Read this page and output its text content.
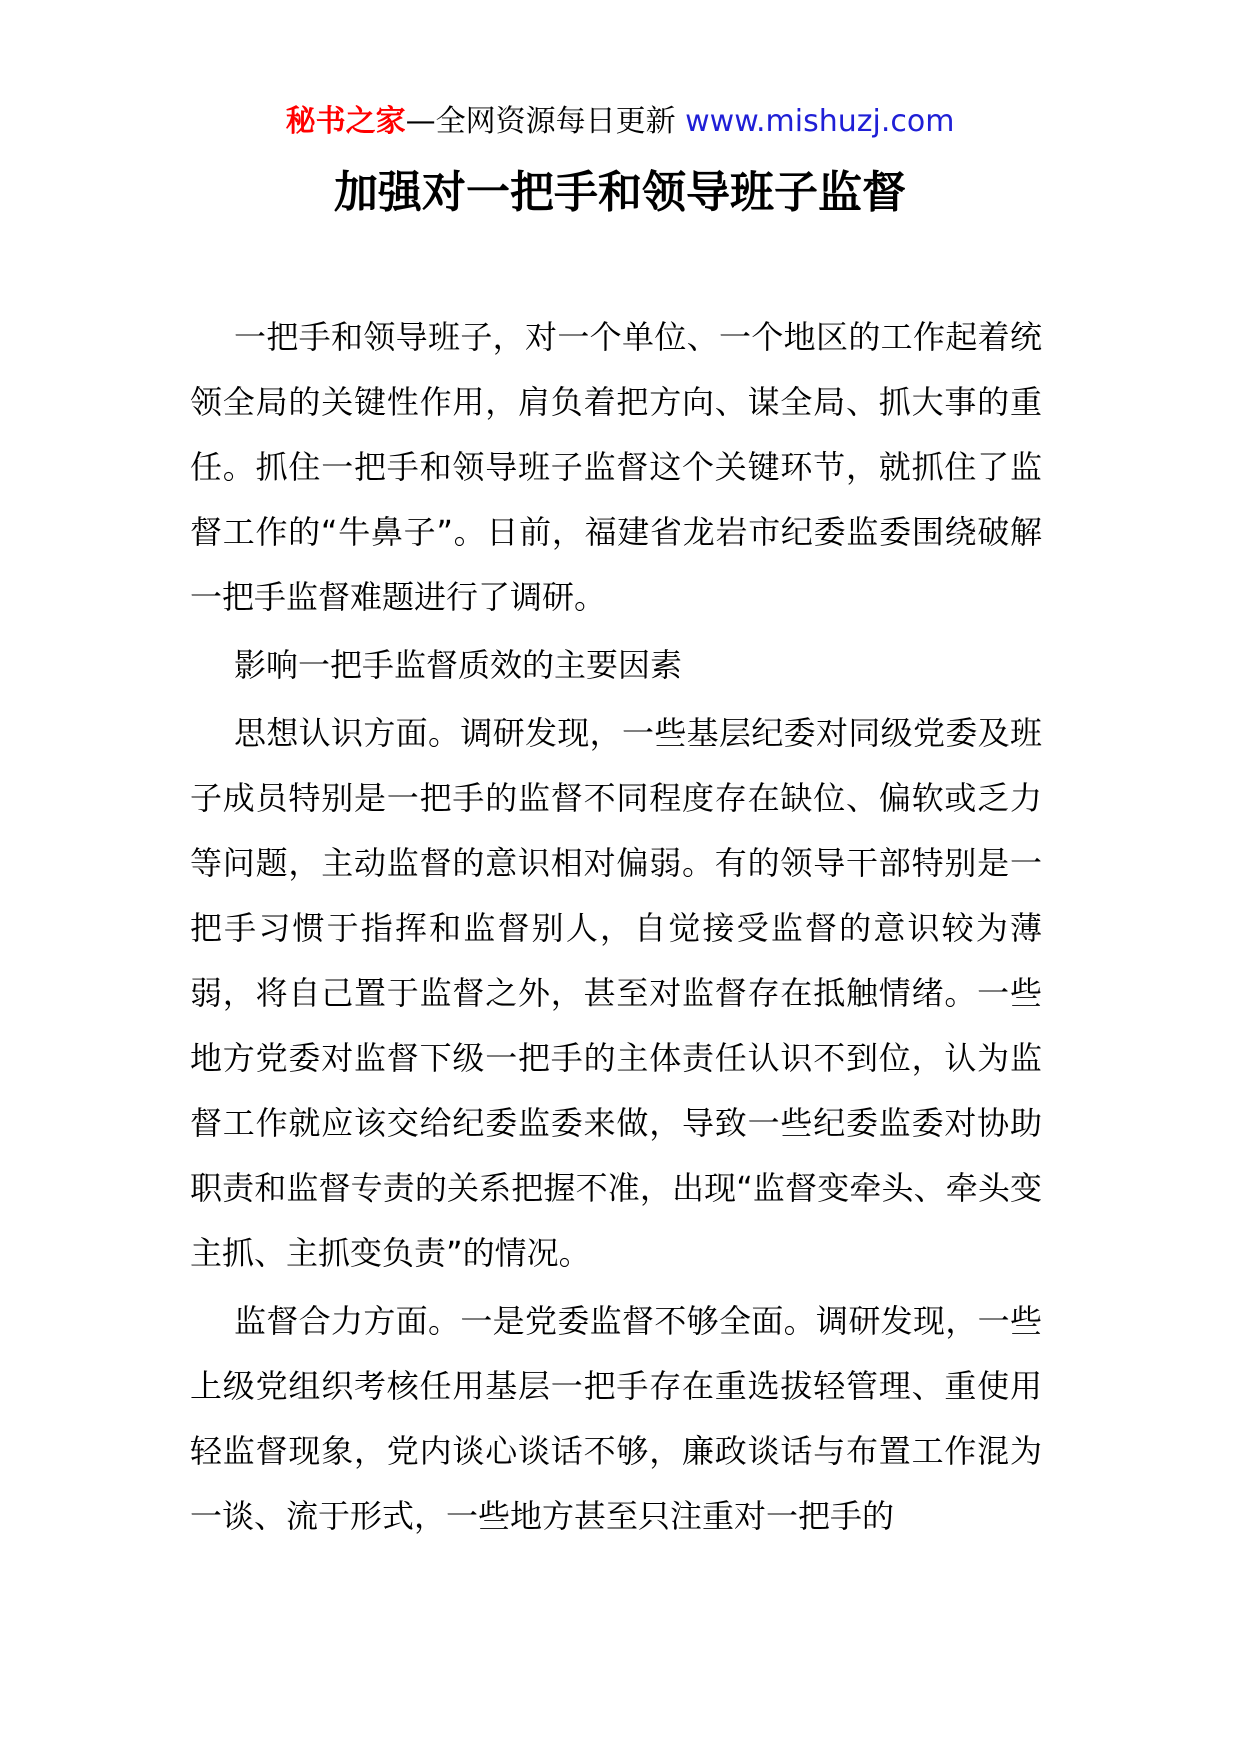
秘书之家—全网资源每日更新 www.mishuzj.com
加强对一把手和领导班子监督

一把手和领导班子，对一个单位、一个地区的工作起着统领全局的关键性作用，肩负着把方向、谋全局、抓大事的重任。抓住一把手和领导班子监督这个关键环节，就抓住了监督工作的“牛鼻子”。日前，福建省龙岩市纪委监委围绕破解一把手监督难题进行了调研。

影响一把手监督质效的主要因素

思想认识方面。调研发现，一些基层纪委对同级党委及班子成员特别是一把手的监督不同程度存在缺位、偏软或乏力等问题，主动监督的意识相对偏弱。有的领导干部特别是一把手习惯于指挥和监督别人，自觉接受监督的意识较为薄弱，将自己置于监督之外，甚至对监督存在抵触情绪。一些地方党委对监督下级一把手的主体责任认识不到位，认为监督工作就应该交给纪委监委来做，导致一些纪委监委对协助职责和监督专责的关系把握不准，出现“监督变牵头、牵头变主抓、主抓变负责”的情况。

监督合力方面。一是党委监督不够全面。调研发现，一些上级党组织考核任用基层一把手存在重选拔轻管理、重使用轻监督现象，党内谈心谈话不够，廉政谈话与布置工作混为一谈、流于形式，一些地方甚至只注重对一把手的
